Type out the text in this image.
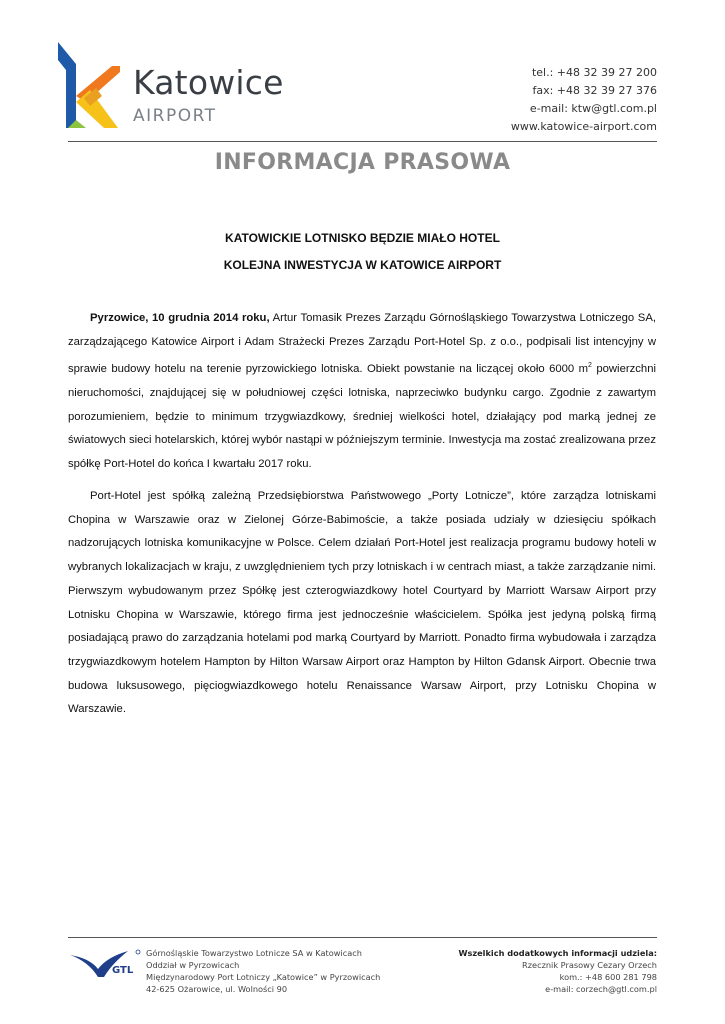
Katowice
AIRPORT
tel.: +48 32 39 27 200
fax: +48 32 39 27 376
e-mail: ktw@gtl.com.pl
www.katowice-airport.com
INFORMACJA PRASOWA
KATOWICKIE LOTNISKO BĘDZIE MIAŁO HOTEL
KOLEJNA INWESTYCJA W KATOWICE AIRPORT

Pyrzowice, 10 grudnia 2014 roku, Artur Tomasik Prezes Zarządu Górnośląskiego Towarzystwa Lotniczego SA, zarządzającego Katowice Airport i Adam Strażecki Prezes Zarządu Port-Hotel Sp. z o.o., podpisali list intencyjny w sprawie budowy hotelu na terenie pyrzowickiego lotniska. Obiekt powstanie na liczącej około 6000 $m^2$ powierzchni nieruchomości, znajdującej się w południowej części lotniska, naprzeciwko budynku cargo. Zgodnie z zawartym porozumieniem, będzie to minimum trzygwiazdkowy, średniej wielkości hotel, działający pod marką jednej ze światowych sieci hotelarskich, której wybór nastąpi w późniejszym terminie. Inwestycja ma zostać zrealizowana przez spółkę Port-Hotel do końca I kwartału 2017 roku.

Port-Hotel jest spółką zależną Przedsiębiorstwa Państwowego „Porty Lotnicze”, które zarządza lotniskami Chopina w Warszawie oraz w Zielonej Górze-Babimoście, a także posiada udziały w dziesięciu spółkach nadzorujących lotniska komunikacyjne w Polsce. Celem działań Port-Hotel jest realizacja programu budowy hoteli w wybranych lokalizacjach w kraju, z uwzględnieniem tych przy lotniskach i w centrach miast, a także zarządzanie nimi. Pierwszym wybudowanym przez Spółkę jest czterogwiazdkowy hotel Courtyard by Marriott Warsaw Airport przy Lotnisku Chopina w Warszawie, którego firma jest jednocześnie właścicielem. Spółka jest jedyną polską firmą posiadającą prawo do zarządzania hotelami pod marką Courtyard by Marriott. Ponadto firma wybudowała i zarządza trzygwiazdkowym hotelem Hampton by Hilton Warsaw Airport oraz Hampton by Hilton Gdansk Airport. Obecnie trwa budowa luksusowego, pięciogwiazdkowego hotelu Renaissance Warsaw Airport, przy Lotnisku Chopina w Warszawie.

GTL
Górnośląskie Towarzystwo Lotnicze SA w Katowicach
Oddział w Pyrzowicach
Międzynarodowy Port Lotniczy „Katowice” w Pyrzowicach
42-625 Ożarowice, ul. Wolności 90
Wszelkich dodatkowych informacji udziela:
Rzecznik Prasowy Cezary Orzech
kom.: +48 600 281 798
e-mail: corzech@gtl.com.pl
